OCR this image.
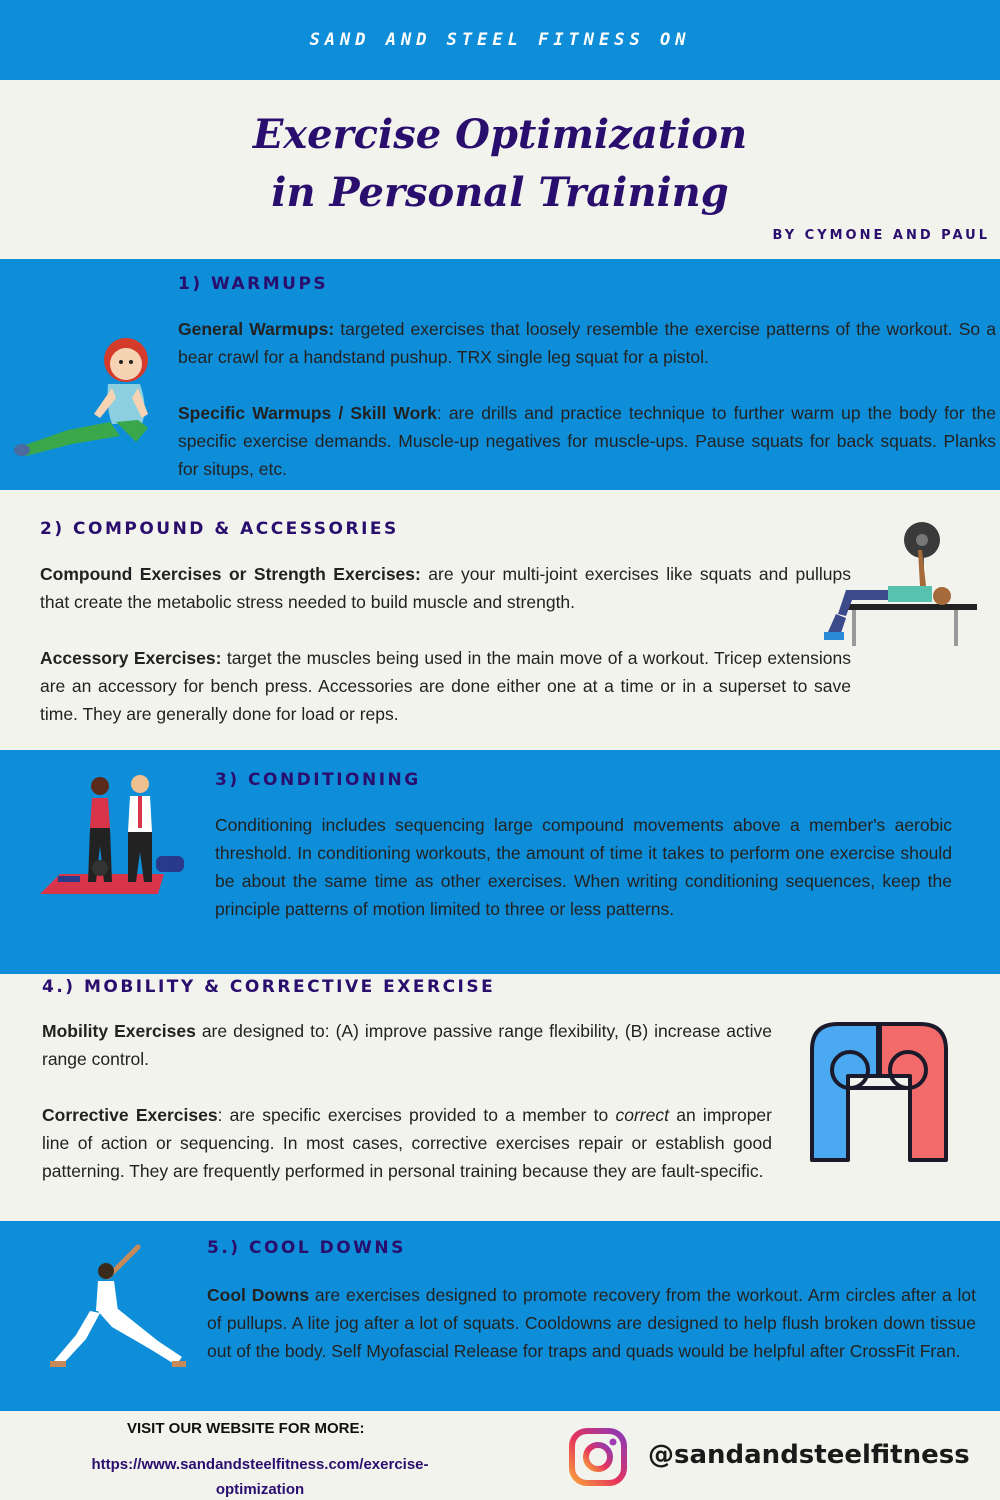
SAND AND STEEL FITNESS ON
Exercise Optimization
in Personal Training
BY CYMONE AND PAUL
1) WARMUPS
General Warmups: targeted exercises that loosely resemble the exercise patterns of the workout. So a bear crawl for a handstand pushup. TRX single leg squat for a pistol.
Specific Warmups / Skill Work: are drills and practice technique to further warm up the body for the specific exercise demands. Muscle-up negatives for muscle-ups. Pause squats for back squats. Planks for situps, etc.
2) COMPOUND & ACCESSORIES
Compound Exercises or Strength Exercises: are your multi-joint exercises like squats and pullups that create the metabolic stress needed to build muscle and strength.
Accessory Exercises: target the muscles being used in the main move of a workout. Tricep extensions are an accessory for bench press. Accessories are done either one at a time or in a superset to save time. They are generally done for load or reps.
3) CONDITIONING
Conditioning includes sequencing large compound movements above a member's aerobic threshold. In conditioning workouts, the amount of time it takes to perform one exercise should be about the same time as other exercises. When writing conditioning sequences, keep the principle patterns of motion limited to three or less patterns.
4.) MOBILITY & CORRECTIVE EXERCISE
Mobility Exercises are designed to: (A) improve passive range flexibility, (B) increase active range control.
Corrective Exercises: are specific exercises provided to a member to correct an improper line of action or sequencing. In most cases, corrective exercises repair or establish good patterning. They are frequently performed in personal training because they are fault-specific.
5.) COOL DOWNS
Cool Downs are exercises designed to promote recovery from the workout. Arm circles after a lot of pullups. A lite jog after a lot of squats. Cooldowns are designed to help flush broken down tissue out of the body. Self Myofascial Release for traps and quads would be helpful after CrossFit Fran.
VISIT OUR WEBSITE FOR MORE:
https://www.sandandsteelfitness.com/exercise-
optimization
@sandandsteelfitness
